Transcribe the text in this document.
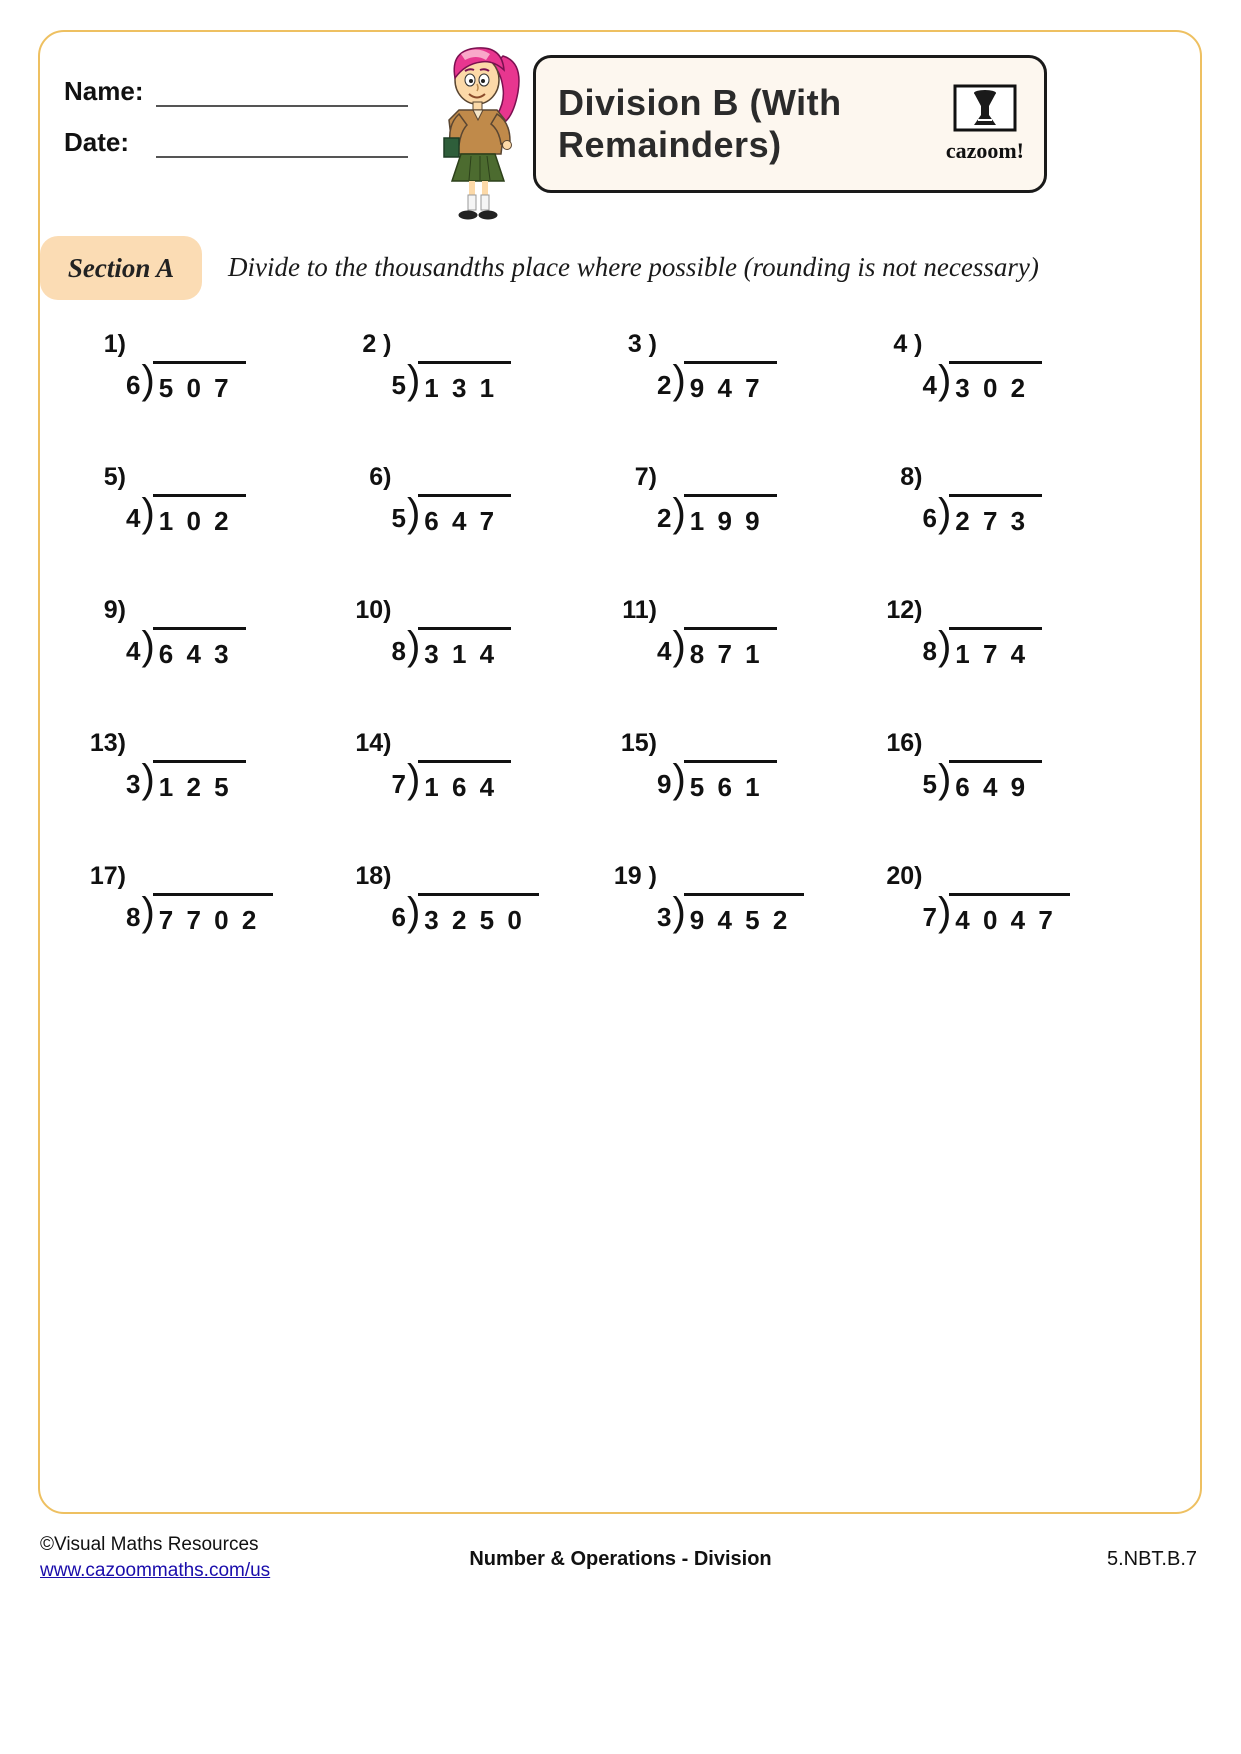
Name:
Date:
Division B (With Remainders)	cazoom!
Section A Divide to the thousandths place where possible (rounding is not necessary)
1)
6 ) 5 0 7
2 )
5 ) 1 3 1
3 )
2 ) 9 4 7
4 )
4 ) 3 0 2
5)
4 ) 1 0 2
6)
5 ) 6 4 7
7)
2 ) 1 9 9
8)
6 ) 2 7 3
9)
4 ) 6 4 3
10)
8 ) 3 1 4
11)
4 ) 8 7 1
12)
8 ) 1 7 4
13)
3 ) 1 2 5
14)
7 ) 1 6 4
15)
9 ) 5 6 1
16)
5 ) 6 4 9
17)
8 ) 7 7 0 2
18)
6 ) 3 2 5 0
19 )
3 ) 9 4 5 2
20)
7 ) 4 0 4 7
©Visual Maths Resources
www.cazoommaths.com/us
Number & Operations - Division	5.NBT.B.7
